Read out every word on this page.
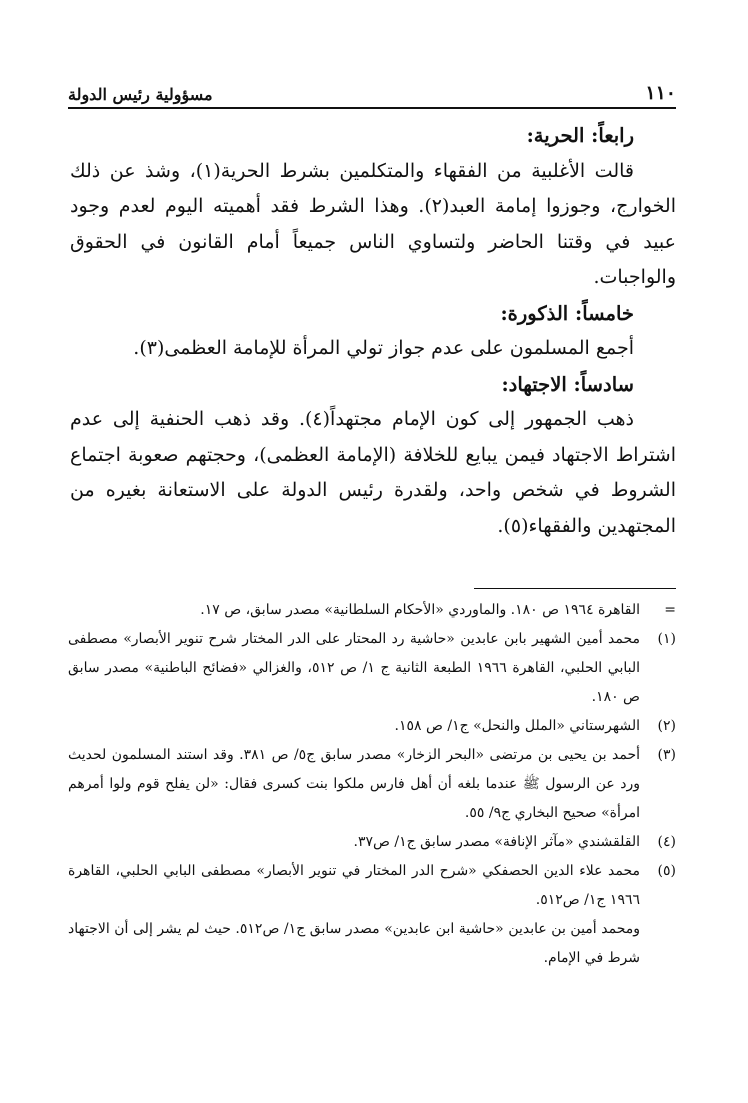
١١٠
مسؤولية رئيس الدولة

رابعاً: الحرية:

قالت الأغلبية من الفقهاء والمتكلمين بشرط الحرية(١)، وشذ عن ذلك الخوارج، وجوزوا إمامة العبد(٢). وهذا الشرط فقد أهميته اليوم لعدم وجود عبيد في وقتنا الحاضر ولتساوي الناس جميعاً أمام القانون في الحقوق والواجبات.

خامساً: الذكورة:

أجمع المسلمون على عدم جواز تولي المرأة للإمامة العظمى(٣).

سادساً: الاجتهاد:

ذهب الجمهور إلى كون الإمام مجتهداً(٤). وقد ذهب الحنفية إلى عدم اشتراط الاجتهاد فيمن يبايع للخلافة (الإمامة العظمى)، وحجتهم صعوبة اجتماع الشروط في شخص واحد، ولقدرة رئيس الدولة على الاستعانة بغيره من المجتهدين والفقهاء(٥).

=
القاهرة ١٩٦٤ ص ١٨٠. والماوردي «الأحكام السلطانية» مصدر سابق، ص ١٧.
(١)
محمد أمين الشهير بابن عابدين «حاشية رد المحتار على الدر المختار شرح تنوير الأبصار» مصطفى البابي الحلبي، القاهرة ١٩٦٦ الطبعة الثانية ج ١/ ص ٥١٢، والغزالي «فضائح الباطنية» مصدر سابق ص ١٨٠.
(٢)
الشهرستاني «الملل والنحل» ج١/ ص ١٥٨.
(٣)
أحمد بن يحيى بن مرتضى «البحر الزخار» مصدر سابق ج٥/ ص ٣٨١. وقد استند المسلمون لحديث ورد عن الرسول ﷺ عندما بلغه أن أهل فارس ملكوا بنت كسرى فقال: «لن يفلح قوم ولوا أمرهم امرأة» صحيح البخاري ج٩/ ٥٥.
(٤)
القلقشندي «مآثر الإنافة» مصدر سابق ج١/ ص٣٧.
(٥)
محمد علاء الدين الحصفكي «شرح الدر المختار في تنوير الأبصار» مصطفى البابي الحلبي، القاهرة ١٩٦٦ ج١/ ص٥١٢.
ومحمد أمين بن عابدين «حاشية ابن عابدين» مصدر سابق ج١/ ص٥١٢. حيث لم يشر إلى أن الاجتهاد شرط في الإمام.
